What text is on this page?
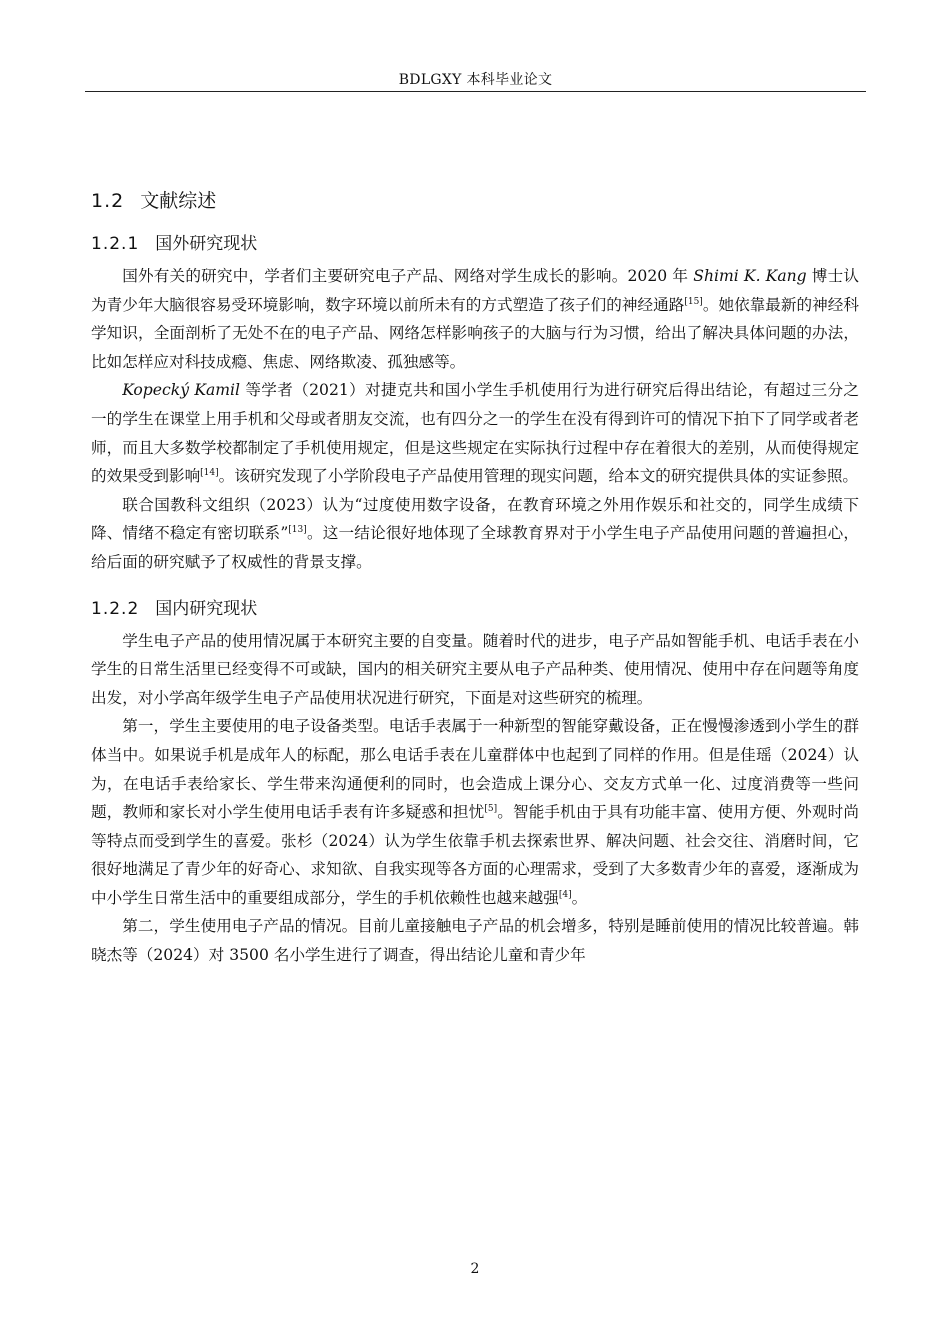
BDLGXY 本科毕业论文
1.2 文献综述
1.2.1 国外研究现状

国外有关的研究中，学者们主要研究电子产品、网络对学生成长的影响。2020 年 Shimi K. Kang 博士认为青少年大脑很容易受环境影响，数字环境以前所未有的方式塑造了孩子们的神经通路[15]。她依靠最新的神经科学知识，全面剖析了无处不在的电子产品、网络怎样影响孩子的大脑与行为习惯，给出了解决具体问题的办法，比如怎样应对科技成瘾、焦虑、网络欺凌、孤独感等。

Kopecký Kamil 等学者（2021）对捷克共和国小学生手机使用行为进行研究后得出结论，有超过三分之一的学生在课堂上用手机和父母或者朋友交流，也有四分之一的学生在没有得到许可的情况下拍下了同学或者老师，而且大多数学校都制定了手机使用规定，但是这些规定在实际执行过程中存在着很大的差别，从而使得规定的效果受到影响[14]。该研究发现了小学阶段电子产品使用管理的现实问题，给本文的研究提供具体的实证参照。

联合国教科文组织（2023）认为“过度使用数字设备，在教育环境之外用作娱乐和社交的，同学生成绩下降、情绪不稳定有密切联系”[13]。这一结论很好地体现了全球教育界对于小学生电子产品使用问题的普遍担心，给后面的研究赋予了权威性的背景支撑。

1.2.2 国内研究现状

学生电子产品的使用情况属于本研究主要的自变量。随着时代的进步，电子产品如智能手机、电话手表在小学生的日常生活里已经变得不可或缺，国内的相关研究主要从电子产品种类、使用情况、使用中存在问题等角度出发，对小学高年级学生电子产品使用状况进行研究，下面是对这些研究的梳理。

第一，学生主要使用的电子设备类型。电话手表属于一种新型的智能穿戴设备，正在慢慢渗透到小学生的群体当中。如果说手机是成年人的标配，那么电话手表在儿童群体中也起到了同样的作用。但是佳瑶（2024）认为，在电话手表给家长、学生带来沟通便利的同时，也会造成上课分心、交友方式单一化、过度消费等一些问题，教师和家长对小学生使用电话手表有许多疑惑和担忧[5]。智能手机由于具有功能丰富、使用方便、外观时尚等特点而受到学生的喜爱。张杉（2024）认为学生依靠手机去探索世界、解决问题、社会交往、消磨时间，它很好地满足了青少年的好奇心、求知欲、自我实现等各方面的心理需求，受到了大多数青少年的喜爱，逐渐成为中小学生日常生活中的重要组成部分，学生的手机依赖性也越来越强[4]。

第二，学生使用电子产品的情况。目前儿童接触电子产品的机会增多，特别是睡前使用的情况比较普遍。韩晓杰等（2024）对 3500 名小学生进行了调查，得出结论儿童和青少年

2
